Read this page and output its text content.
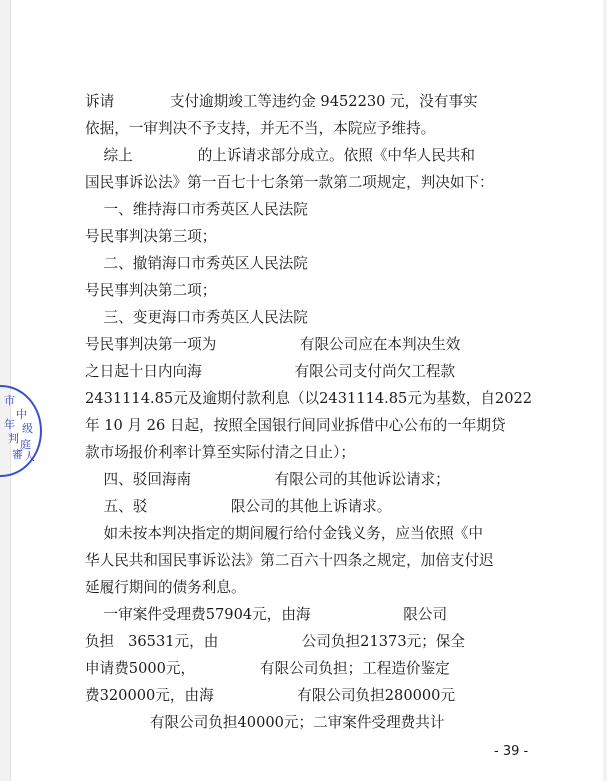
诉请            支付逾期竣工等违约金 9452230 元，没有事实
依据，一审判决不予支持，并无不当，本院应予维持。
综上              的上诉请求部分成立。依照《中华人民共和
国民事诉讼法》第一百七十七条第一款第二项规定，判决如下：
一、维持海口市秀英区人民法院
号民事判决第三项；
二、撤销海口市秀英区人民法院
号民事判决第二项；
三、变更海口市秀英区人民法院
号民事判决第一项为                  有限公司应在本判决生效
之日起十日内向海                    有限公司支付尚欠工程款
2431114.85元及逾期付款利息（以2431114.85元为基数，自2022
年 10 月 26 日起，按照全国银行间同业拆借中心公布的一年期贷
款市场报价利率计算至实际付清之日止）；
四、驳回海南                  有限公司的其他诉讼请求；
五、驳                  限公司的其他上诉请求。
如未按本判决指定的期间履行给付金钱义务，应当依照《中
华人民共和国民事诉讼法》第二百六十四条之规定，加倍支付迟
延履行期间的债务利息。
一审案件受理费57904元，由海                    限公司
负担   36531元，由                  公司负担21373元；保全
申请费5000元，              有限公司负担；工程造价鉴定
费320000元，由海                  有限公司负担280000元
有限公司负担40000元；二审案件受理费共计
- 39 -
市
中
级
年
判 庭
審 人
